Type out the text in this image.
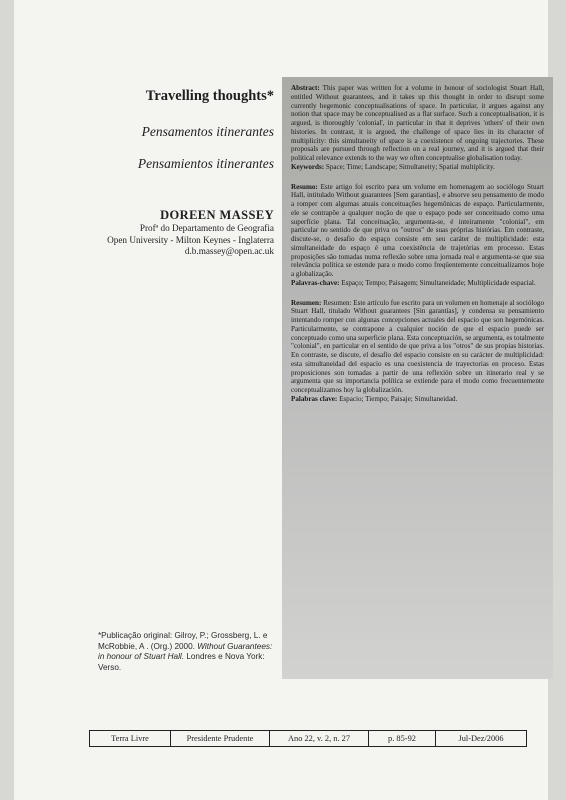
Travelling thoughts*
Pensamentos itinerantes
Pensamientos itinerantes
DOREEN MASSEY
Profª do Departamento de Geografia
Open University - Milton Keynes - Inglaterra
d.b.massey@open.ac.uk

Abstract: This paper was written for a volume in honour of sociologist Stuart Hall, entitled Without guarantees, and it takes up this thought in order to disrupt some currently hegemonic conceptualisations of space. In particular, it argues against any notion that space may be conceptualised as a flat surface. Such a conceptualisation, it is argued, is thoroughly 'colonial', in particular in that it deprives 'others' of their own histories. In contrast, it is argued, the challenge of space lies in its character of multiplicity: this simultaneity of space is a coexistence of ongoing trajectories. These proposals are pursued through reflection on a real journey, and it is argued that their political relevance extends to the way we often conceptualise globalisation today.

Keywords: Space; Time; Landscape; Simultaneity; Spatial multiplicity.

Resumo: Este artigo foi escrito para um volume em homenagem ao sociólogo Stuart Hall, intitulado Without guarantees [Sem garantias], e absorve seu pensamento de modo a romper com algumas atuais conceituações hegemônicas de espaço. Particularmente, ele se contrapõe a qualquer noção de que o espaço pode ser conceituado como uma superfície plana. Tal conceituação, argumenta-se, é inteiramente "colonial", em particular no sentido de que priva os "outros" de suas próprias histórias. Em contraste, discute-se, o desafio do espaço consiste em seu caráter de multiplicidade: esta simultaneidade do espaço é uma coexistência de trajetórias em processo. Estas proposições são tomadas numa reflexão sobre uma jornada real e argumenta-se que sua relevância política se estende para o modo como freqüentemente conceitualizamos hoje a globalização.

Palavras-chave: Espaço; Tempo; Paisagem; Simultaneidade; Multiplicidade espacial.

Resumen: Resumen: Este artículo fue escrito para un volumen en homenaje al sociólogo Stuart Hall, titulado Without guarantees [Sin garantías], y condensa su pensamiento intentando romper con algunas concepciones actuales del espacio que son hegemónicas. Particularmente, se contrapone a cualquier noción de que el espacio puede ser conceptuado como una superficie plana. Esta conceptuación, se argumenta, es totalmente "colonial", en particular en el sentido de que priva a los "otros" de sus propias historias. En contraste, se discute, el desafío del espacio consiste en su carácter de multiplicidad: esta simultaneidad del espacio es una coexistencia de trayectorias en proceso. Estas proposiciones son tomadas a partir de una reflexión sobre un itinerario real y se argumenta que su importancia política se extiende para el modo como frecuentemente conceptualizamos hoy la globalización.

Palabras clave: Espacio; Tiempo; Paisaje; Simultaneidad.

*Publicação original: Gilroy, P.; Grossberg, L. e McRobbie, A . (Org.) 2000. Without Guarantees: in honour of Stuart Hall. Londres e Nova York: Verso.
Terra Livre	Presidente Prudente	Ano 22, v. 2, n. 27	p. 85-92	Jul-Dez/2006
